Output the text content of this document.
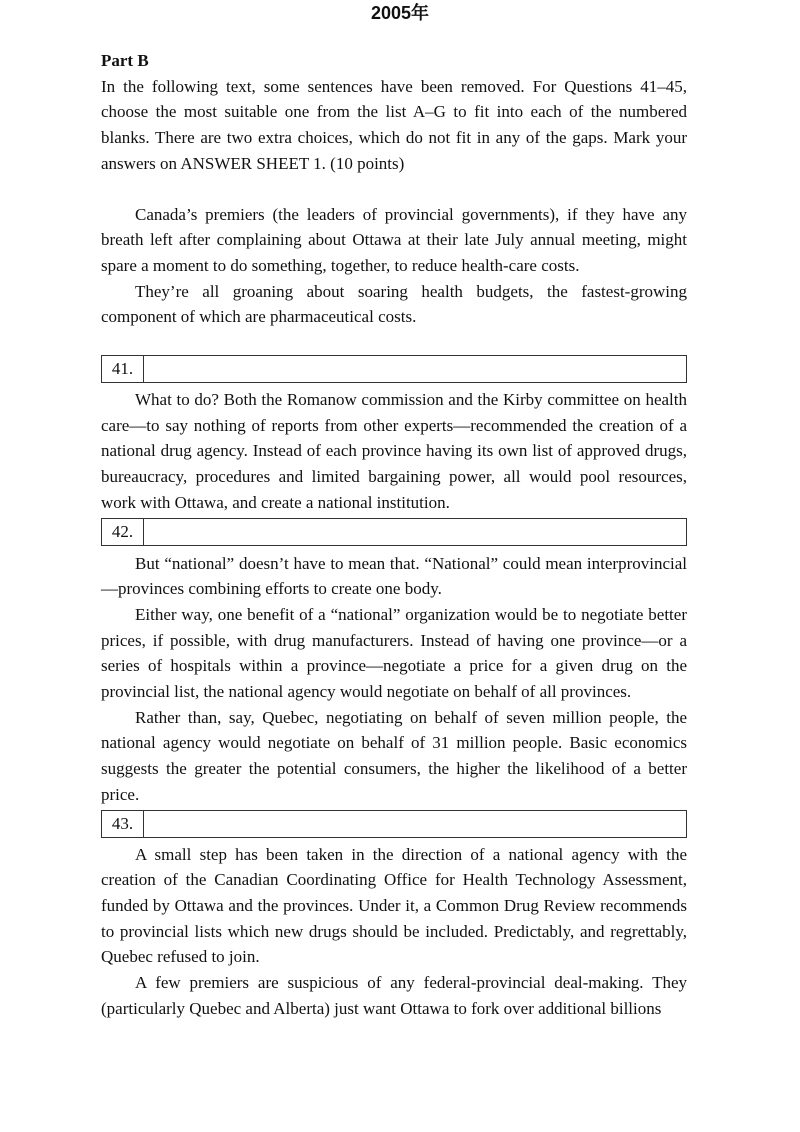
2005年

Part B

In the following text, some sentences have been removed. For Questions 41–45, choose the most suitable one from the list A–G to fit into each of the numbered blanks. There are two extra choices, which do not fit in any of the gaps. Mark your answers on ANSWER SHEET 1. (10 points)

Canada’s premiers (the leaders of provincial governments), if they have any breath left after complaining about Ottawa at their late July annual meeting, might spare a moment to do something, together, to reduce health-care costs.

They’re all groaning about soaring health budgets, the fastest-growing component of which are pharmaceutical costs.

41.

What to do? Both the Romanow commission and the Kirby committee on health care—to say nothing of reports from other experts—recommended the creation of a national drug agency. Instead of each province having its own list of approved drugs, bureaucracy, procedures and limited bargaining power, all would pool resources, work with Ottawa, and create a national institution.

42.

But “national” doesn’t have to mean that. “National” could mean interprovincial—provinces combining efforts to create one body.

Either way, one benefit of a “national” organization would be to negotiate better prices, if possible, with drug manufacturers. Instead of having one province—or a series of hospitals within a province—negotiate a price for a given drug on the provincial list, the national agency would negotiate on behalf of all provinces.

Rather than, say, Quebec, negotiating on behalf of seven million people, the national agency would negotiate on behalf of 31 million people. Basic economics suggests the greater the potential consumers, the higher the likelihood of a better price.

43.

A small step has been taken in the direction of a national agency with the creation of the Canadian Coordinating Office for Health Technology Assessment, funded by Ottawa and the provinces. Under it, a Common Drug Review recommends to provincial lists which new drugs should be included. Predictably, and regrettably, Quebec refused to join.

A few premiers are suspicious of any federal-provincial deal-making. They (particularly Quebec and Alberta) just want Ottawa to fork over additional billions
